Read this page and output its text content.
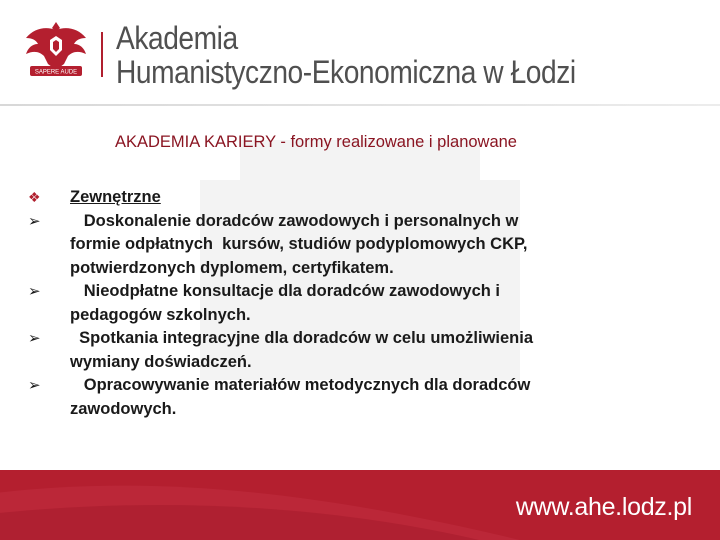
SAPERE AUDE
Akademia
Humanistyczno-Ekonomiczna w Łodzi
AKADEMIA KARIERY - formy realizowane i planowane
❖	Zewnętrzne
➢	Doskonalenie doradców zawodowych i personalnych w
formie odpłatnych  kursów, studiów podyplomowych CKP,
potwierdzonych dyplomem, certyfikatem.
➢	Nieodpłatne konsultacje dla doradców zawodowych i
pedagogów szkolnych.
➢	Spotkania integracyjne dla doradców w celu umożliwienia
wymiany doświadczeń.
➢	Opracowywanie materiałów metodycznych dla doradców
zawodowych.
www.ahe.lodz.pl
